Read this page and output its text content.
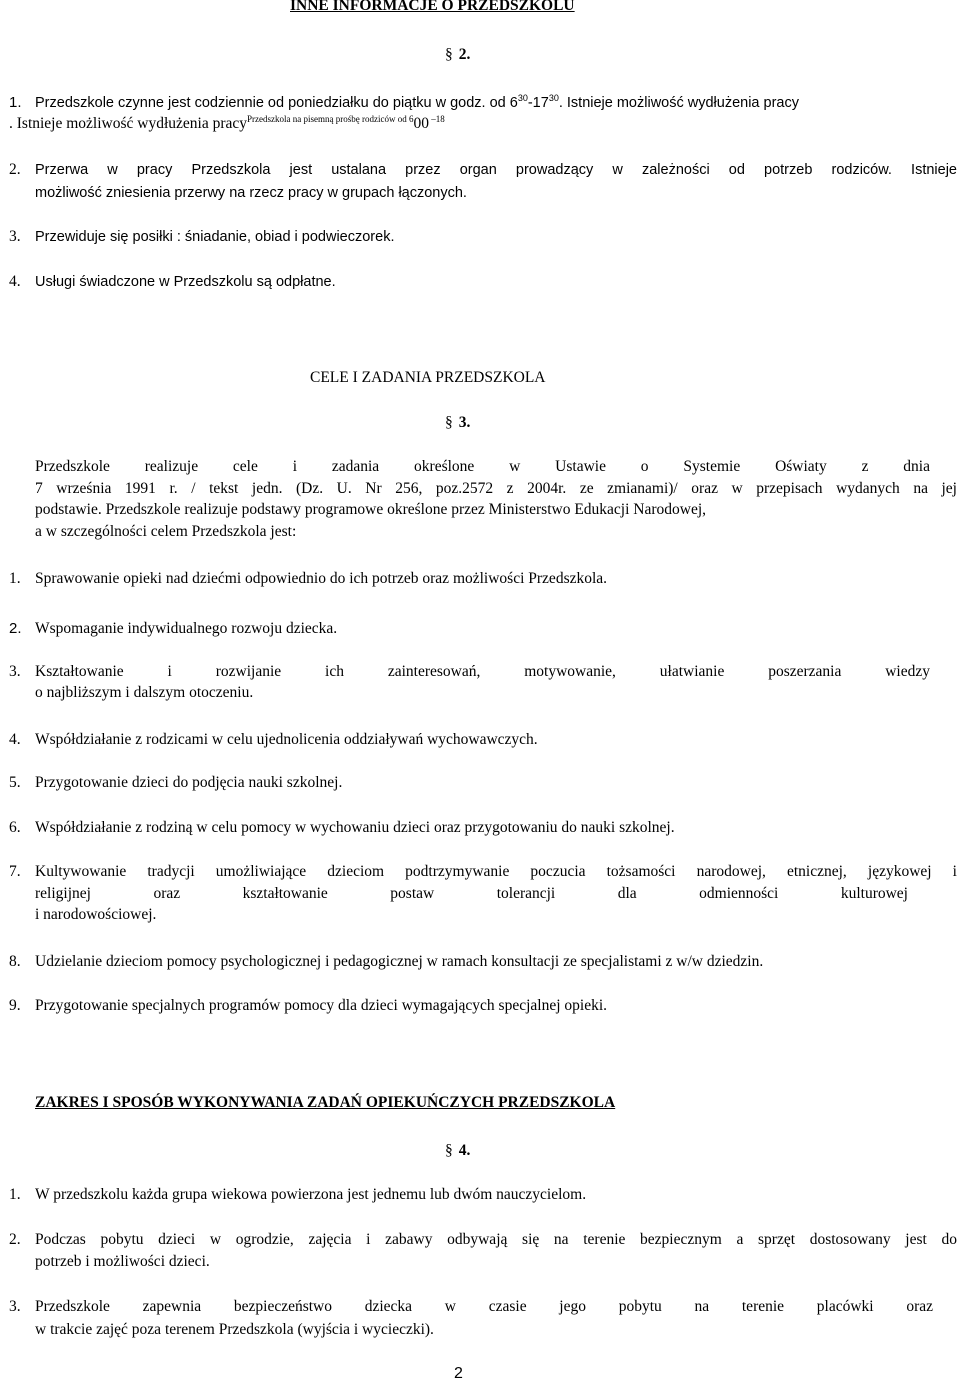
INNE INFORMACJE O PRZEDSZKOLU
§ 2.
1. Przedszkole czynne jest codziennie od poniedziałku do piątku w godz. od $6^{30}-17^{30}$. Istnieje możliwość wydłużenia pracy
. Istnieje możliwość wydłużenia pracy$^{Przedszkola na pisemną prośbę rodziców od 6}$00 $^{-18}$
2. Przerwa w pracy Przedszkola jest ustalana przez organ prowadzący w zależności od potrzeb rodziców. Istnieje
możliwość zniesienia przerwy na rzecz pracy w grupach łączonych.
3. Przewiduje się posiłki : śniadanie, obiad i podwieczorek.
4. Usługi świadczone w Przedszkolu są odpłatne.
CELE I ZADANIA PRZEDSZKOLA
§ 3.
Przedszkole realizuje cele i zadania określone w Ustawie o Systemie Oświaty z dnia
7 września 1991 r. / tekst jedn. (Dz. U. Nr 256, poz.2572 z 2004r. ze zmianami)/ oraz w przepisach wydanych na jej
podstawie. Przedszkole realizuje podstawy programowe określone przez Ministerstwo Edukacji Narodowej,
a w szczególności celem Przedszkola jest:
1. Sprawowanie opieki nad dziećmi odpowiednio do ich potrzeb oraz możliwości Przedszkola.
2. Wspomaganie indywidualnego rozwoju dziecka.
3. Kształtowanie i rozwijanie ich zainteresowań, motywowanie, ułatwianie poszerzania wiedzy
o najbliższym i dalszym otoczeniu.
4. Współdziałanie z rodzicami w celu ujednolicenia oddziaływań wychowawczych.
5. Przygotowanie dzieci do podjęcia nauki szkolnej.
6. Współdziałanie z rodziną w celu pomocy w wychowaniu dzieci oraz przygotowaniu do nauki szkolnej.
7. Kultywowanie tradycji umożliwiające dzieciom podtrzymywanie poczucia tożsamości narodowej, etnicznej, językowej i
religijnej oraz kształtowanie postaw tolerancji dla odmienności kulturowej
i narodowościowej.
8. Udzielanie dzieciom pomocy psychologicznej i pedagogicznej w ramach konsultacji ze specjalistami z w/w dziedzin.
9. Przygotowanie specjalnych programów pomocy dla dzieci wymagających specjalnej opieki.
ZAKRES I SPOSÓB WYKONYWANIA ZADAŃ OPIEKUŃCZYCH PRZEDSZKOLA
§ 4.
1. W przedszkolu każda grupa wiekowa powierzona jest jednemu lub dwóm nauczycielom.
2. Podczas pobytu dzieci w ogrodzie, zajęcia i zabawy odbywają się na terenie bezpiecznym a sprzęt dostosowany jest do
potrzeb i możliwości dzieci.
3. Przedszkole zapewnia bezpieczeństwo dziecka w czasie jego pobytu na terenie placówki oraz
w trakcie zajęć poza terenem Przedszkola (wyjścia i wycieczki).
2
